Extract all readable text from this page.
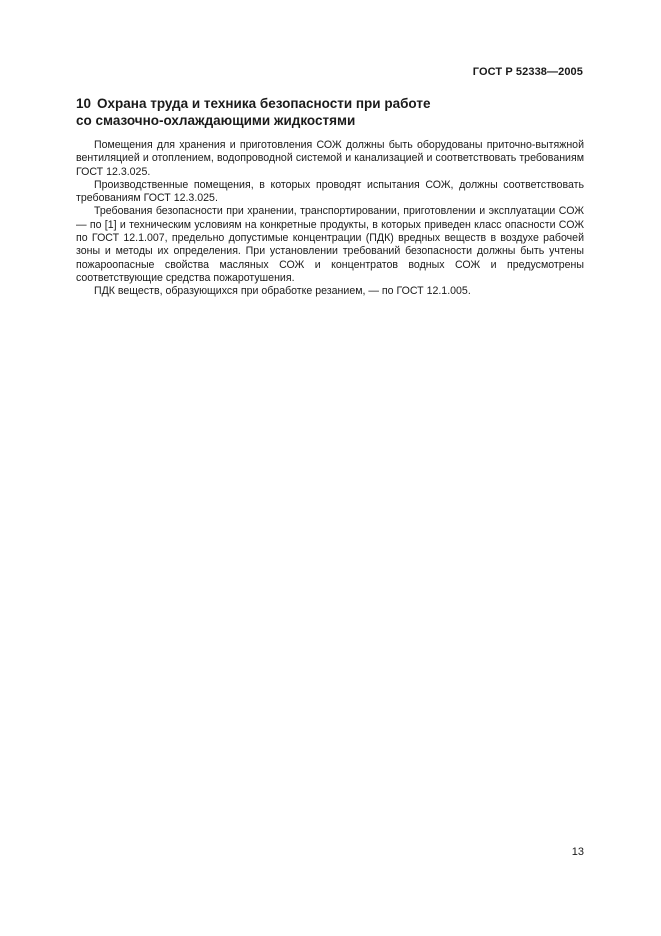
ГОСТ Р 52338—2005
10 Охрана труда и техника безопасности при работе
со смазочно-охлаждающими жидкостями

Помещения для хранения и приготовления СОЖ должны быть оборудованы приточно-вытяжной вентиляцией и отоплением, водопроводной системой и канализацией и соответствовать требованиям ГОСТ 12.3.025.

Производственные помещения, в которых проводят испытания СОЖ, должны соответствовать требованиям ГОСТ 12.3.025.

Требования безопасности при хранении, транспортировании, приготовлении и эксплуатации СОЖ — по [1] и техническим условиям на конкретные продукты, в которых приведен класс опасности СОЖ по ГОСТ 12.1.007, предельно допустимые концентрации (ПДК) вредных веществ в воздухе рабочей зоны и методы их определения. При установлении требований безопасности должны быть учтены пожароопасные свойства масляных СОЖ и концентратов водных СОЖ и предусмотрены соответствующие средства пожаротушения.

ПДК веществ, образующихся при обработке резанием, — по ГОСТ 12.1.005.

13
